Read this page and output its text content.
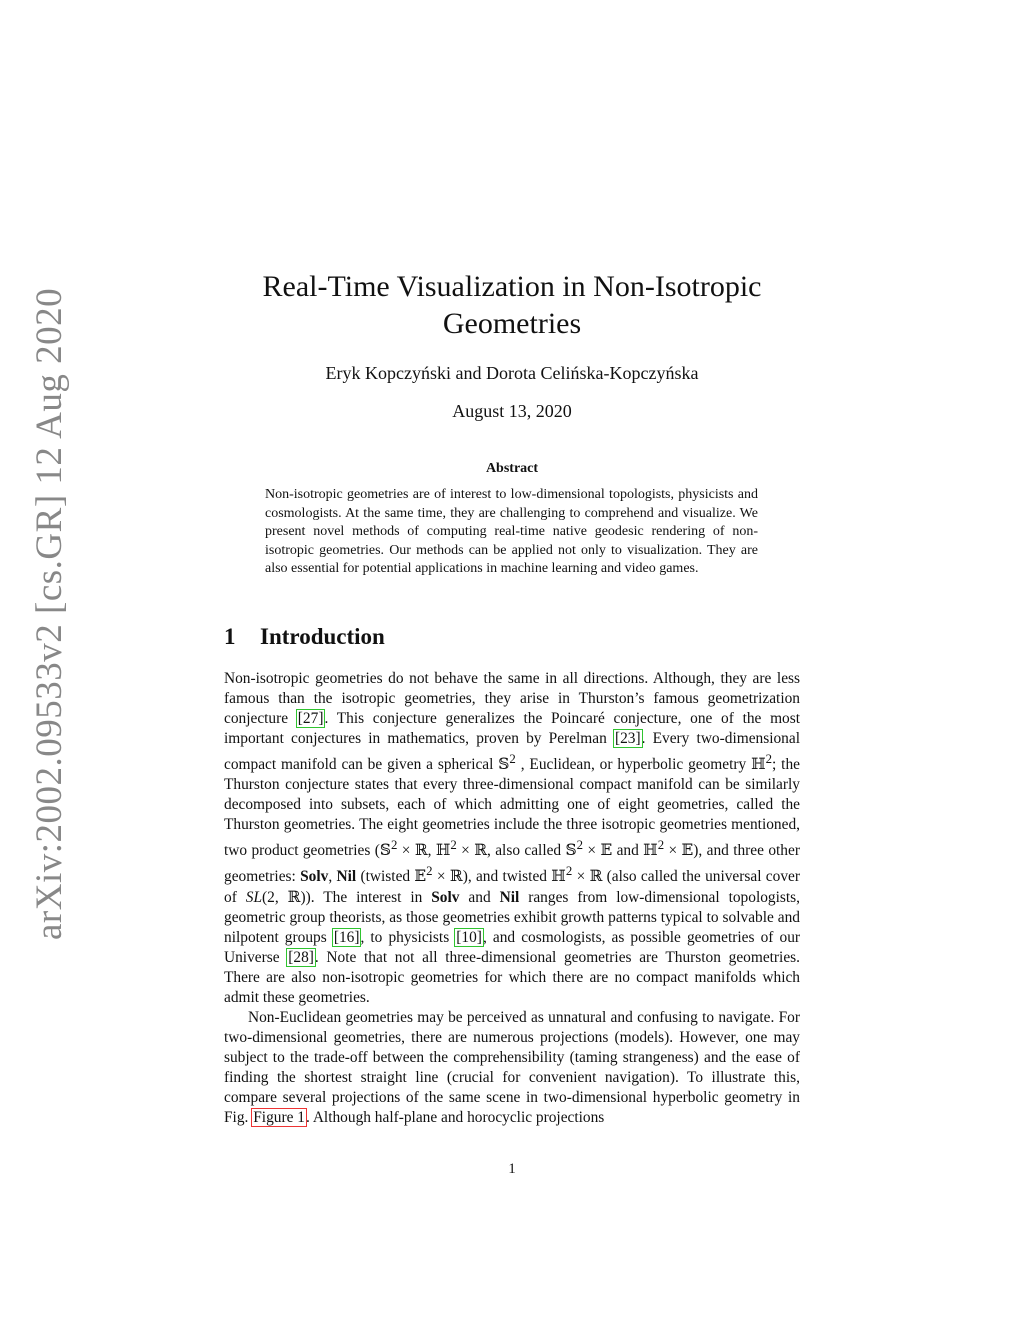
arXiv:2002.09533v2 [cs.GR] 12 Aug 2020
Real-Time Visualization in Non-Isotropic
Geometries
Eryk Kopczyński and Dorota Celińska-Kopczyńska
August 13, 2020
Abstract

Non-isotropic geometries are of interest to low-dimensional topologists, physicists and cosmologists. At the same time, they are challenging to comprehend and visualize. We present novel methods of computing real-time native geodesic rendering of non-isotropic geometries. Our methods can be applied not only to visualization. They are also essential for potential applications in machine learning and video games.

1 Introduction

Non-isotropic geometries do not behave the same in all directions. Although, they are less famous than the isotropic geometries, they arise in Thurston’s famous geometrization conjecture [27]. This conjecture generalizes the Poincaré conjecture, one of the most important conjectures in mathematics, proven by Perelman [23]. Every two-dimensional compact manifold can be given a spherical 𝕊$^2$ , Euclidean, or hyperbolic geometry ℍ$^2$; the Thurston conjecture states that every three-dimensional compact manifold can be similarly decomposed into subsets, each of which admitting one of eight geometries, called the Thurston geometries. The eight geometries include the three isotropic geometries mentioned, two product geometries (𝕊$^2$ × ℝ, ℍ$^2$ × ℝ, also called 𝕊$^2$ × 𝔼 and ℍ$^2$ × 𝔼), and three other geometries: Solv, Nil (twisted 𝔼$^2$ × ℝ), and twisted ℍ$^2$ × ℝ (also called the universal cover of SL(2, ℝ)). The interest in Solv and Nil ranges from low-dimensional topologists, geometric group theorists, as those geometries exhibit growth patterns typical to solvable and nilpotent groups [16], to physicists [10], and cosmologists, as possible geometries of our Universe [28]. Note that not all three-dimensional geometries are Thurston geometries. There are also non-isotropic geometries for which there are no compact manifolds which admit these geometries.

Non-Euclidean geometries may be perceived as unnatural and confusing to navigate. For two-dimensional geometries, there are numerous projections (models). However, one may subject to the trade-off between the comprehensibility (taming strangeness) and the ease of finding the shortest straight line (crucial for convenient navigation). To illustrate this, compare several projections of the same scene in two-dimensional hyperbolic geometry in Fig. Figure 1. Although half-plane and horocyclic projections

1
